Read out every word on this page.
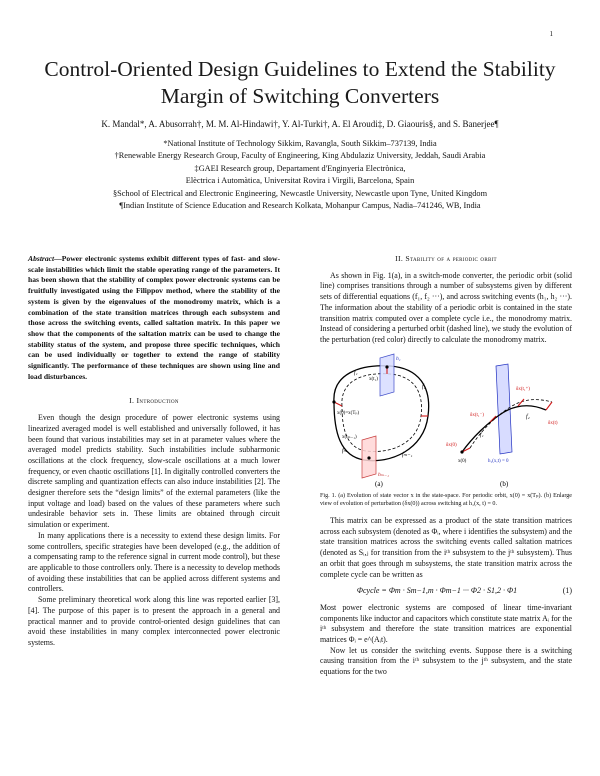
1
Control-Oriented Design Guidelines to Extend the Stability Margin of Switching Converters
K. Mandal*, A. Abusorrah†, M. M. Al-Hindawi†, Y. Al-Turki†, A. El Aroudi‡, D. Giaouris§, and S. Banerjee¶
*National Institute of Technology Sikkim, Ravangla, South Sikkim–737139, India
†Renewable Energy Research Group, Faculty of Engineering, King Abdulaziz University, Jeddah, Saudi Arabia
‡GAEI Research group, Departament d'Enginyeria Electrònica,
Elèctrica i Automàtica, Universitat Rovira i Virgili, Barcelona, Spain
§School of Electrical and Electronic Engineering, Newcastle University, Newcastle upon Tyne, United Kingdom
¶Indian Institute of Science Education and Research Kolkata, Mohanpur Campus, Nadia–741246, WB, India
Abstract—Power electronic systems exhibit different types of fast- and slow-scale instabilities which limit the stable operating range of the parameters. It has been shown that the stability of complex power electronic systems can be fruitfully investigated using the Filippov method, where the stability of the system is given by the eigenvalues of the monodromy matrix, which is a combination of the state transition matrices through each subsystem and those across the switching events, called saltation matrix. In this paper we show that the components of the saltation matrix can be used to change the stability status of the system, and propose three specific techniques, which can be used individually or together to extend the range of stability significantly. The performance of these techniques are shown using line and load disturbances.
I. Introduction

Even though the design procedure of power electronic systems using linearized averaged model is well established and universally followed, it has been found that various instabilities may set in at parameter values where the averaged model predicts stability. Such instabilities include subharmonic oscillations at the clock frequency, slow-scale oscillations at a much lower frequency, or even chaotic oscillations [1]. In digitally controlled converters the discrete sampling and quantization effects can also induce instabilities [2]. The designer therefore sets the “design limits” of the external parameters (like the input voltage and load) based on the values of these parameters where such undesirable behavior sets in. These limits are obtained through circuit simulation or experiment.

In many applications there is a necessity to extend these design limits. For some controllers, specific strategies have been developed (e.g., the addition of a compensating ramp to the reference signal in current mode control), but these are applicable to those controllers only. There is a necessity to develop methods of avoiding these instabilities that can be applied across different systems and controllers.

Some preliminary theoretical work along this line was reported earlier [3], [4]. The purpose of this paper is to present the approach in a general and practical manner and to provide control-oriented design guidelines that can avoid these instabilities in many complex interconnected power electronic systems.

II. Stability of a periodic orbit

As shown in Fig. 1(a), in a switch-mode converter, the periodic orbit (solid line) comprises transitions through a number of subsystems given by different sets of differential equations (f₁, f₂ ···), and across switching events (h₁, h₂ ···). The information about the stability of a periodic orbit is contained in the state transition matrix computed over a complete cycle i.e., the monodromy matrix. Instead of considering a perturbed orbit (dashed line), we study the evolution of the perturbation (red color) directly to calculate the monodromy matrix.

f₁
f₂
fₘ
fₘ₋₁
x(0)=x(Tₚ)
x(t₁)
x(tₘ₋₁)
h₁
hₘ₋₁
(a)
δx(0)
δx(t₁⁻)
δx(t₁⁺)
δx(t)
x(0)	h₁(x,t) = 0
f₁
f₂
(b)
Fig. 1. (a) Evolution of state vector x in the state-space. For periodic orbit, x(0) = x(Tₚ). (b) Enlarge view of evolution of perturbation (δx(0)) across switching at h₁(x, t) = 0.

This matrix can be expressed as a product of the state transition matrices across each subsystem (denoted as Φᵢ, where i identifies the subsystem) and the state transition matrices across the switching events called saltation matrices (denoted as Sᵢ,ⱼ for transition from the iᵗʰ subsystem to the jᵗʰ subsystem). Thus an orbit that goes through m subsystems, the state transition matrix across the complete cycle can be written as

Φcycle = Φm · Sm−1,m · Φm−1 ··· Φ2 · S1,2 · Φ1	(1)

Most power electronic systems are composed of linear time-invariant components like inductor and capacitors which constitute state matrix Aᵢ for the iᵗʰ subsystem and therefore the state transition matrices are exponential matrices Φᵢ = e^(Aᵢt).

Now let us consider the switching events. Suppose there is a switching causing transition from the iᵗʰ subsystem to the jᵗʰ subsystem, and the state equations for the two
